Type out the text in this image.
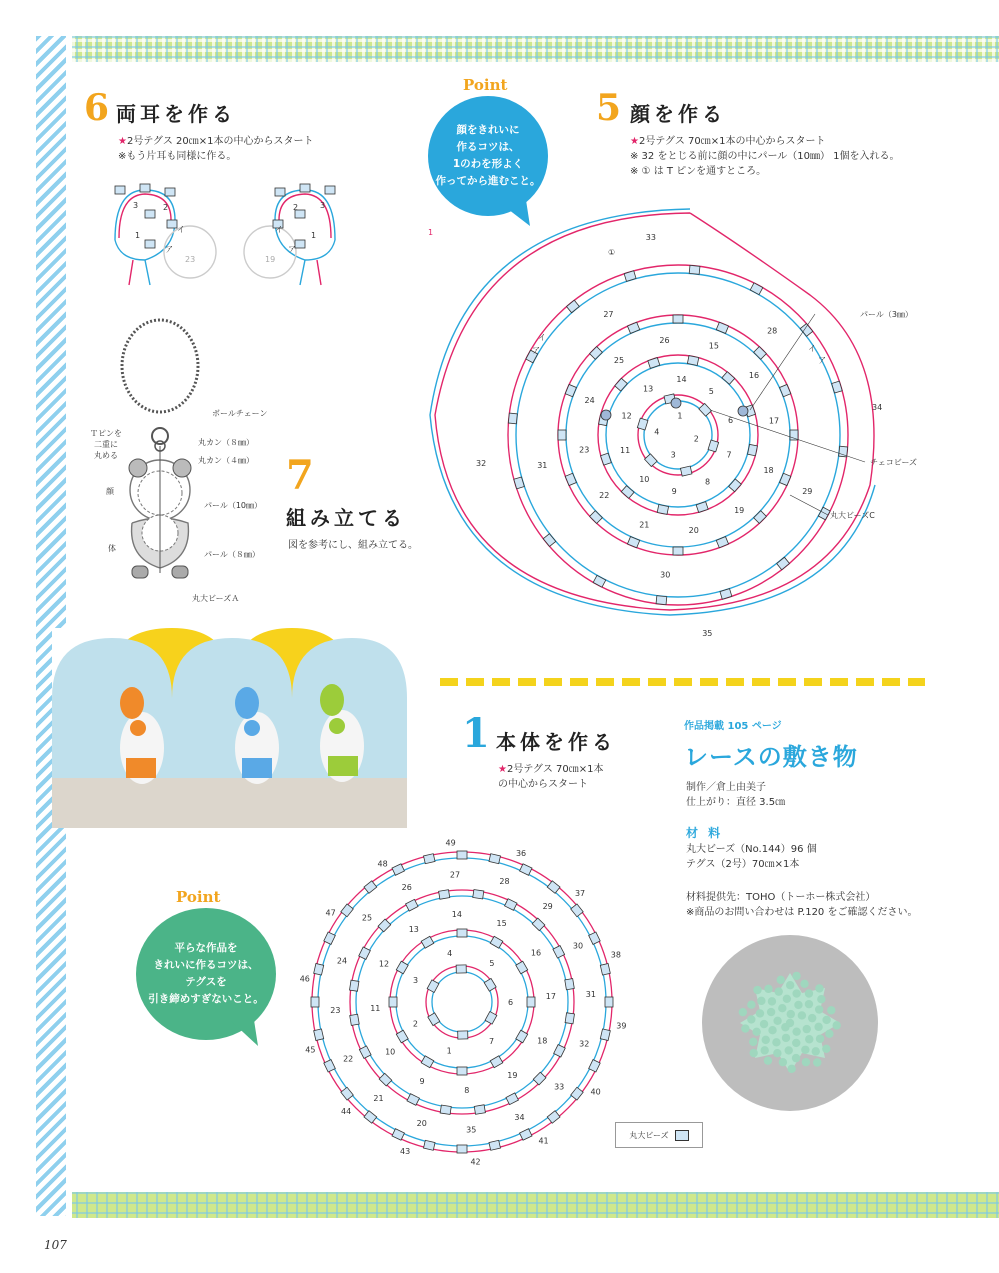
6 両耳を作る
★2号テグス 20㎝×1本の中心からスタート
※もう片耳も同様に作る。
3	2
1
イ
ア
23
2	3
1
イ
ア
19
Point
顔をきれいに
作るコツは、
1のわを形よく
作ってから進むこと。
5 顔を作る
★2号テグス 70㎝×1本の中心からスタート
※ 32 をとじる前に顔の中にパール（10㎜） 1個を入れる。
※ ① は T ピンを通すところ。
1
2
3
4
5
6
7
8
9
10
11
12
13
14
15
16
17
18
19
20
21
22
23
24
25
26
27
28
29
30
31
32
33
34
35
ア
イ
ア
イ
1
①
パール（3㎜）
チェコビーズ
丸大ビーズC
ボールチェーン
Ｔピンを
二重に
丸める
丸カン（８㎜）
丸カン（４㎜）
顔
パール（10㎜）
体
パール（８㎜）
丸大ビーズＡ
7
組み立てる
図を参考にし、組み立てる。
1 本体を作る
★2号テグス 70㎝×1本
の中心からスタート
作品掲載 105 ページ
レースの敷き物
制作／倉上由美子
仕上がり：直径 3.5㎝
材 料
丸大ビーズ（No.144）96 個
テグス（2号）70㎝×1本
材料提供先：TOHO（トーホー株式会社）
※商品のお問い合わせは P.120 をご確認ください。
Point
平らな作品を
きれいに作るコツは、
テグスを
引き締めすぎないこと。
1
2
3
4
5
6
7
8
9
10
11
12
13
14
15
16
17
18
19
20
21
22
23
24
25
26
27
28
29
30
31
32
33
34
35
36
37
38
39
40
41
42
43
44
45
46
47
48
49
丸大ビーズ
107
